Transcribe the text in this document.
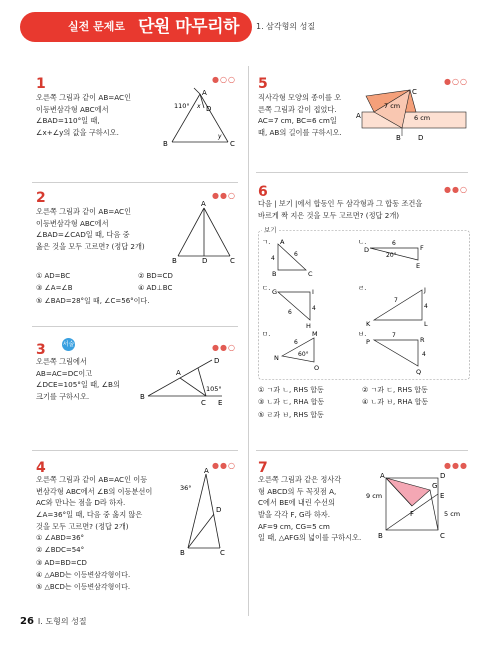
실전 문제로 단원 마무리하기
1. 삼각형의 성질
1	●○○
오른쪽 그림과 같이 AB=AC인
이등변삼각형 ABC에서
∠BAD=110°일 때,
∠x+∠y의 값을 구하시오.
110°
A
D
B	C
x
y
2	●●○
오른쪽 그림과 같이 AB=AC인
이등변삼각형 ABC에서
∠BAD=∠CAD일 때, 다음 중
옳은 것을 모두 고르면? (정답 2개)
A
B	D	C
① AD=BC	② BD=CD
③ ∠A=∠B	④ AD⊥BC
⑤ ∠BAD=28°일 때, ∠C=56°이다.
3	서술	●●○
오른쪽 그림에서
AB=AC=DC이고
∠DCE=105°일 때, ∠B의
크기를 구하시오.
A
D
B
C E
105°
4	●●○
오른쪽 그림과 같이 AB=AC인 이등
변삼각형 ABC에서 ∠B의 이등분선이
AC와 만나는 점을 D라 하자.
∠A=36°일 때, 다음 중 옳지 않은
것을 모두 고르면? (정답 2개)
A
36°
D
B	C
① ∠ABD=36°
② ∠BDC=54°
③ AD=BD=CD
④ △ABD는 이등변삼각형이다.
⑤ △BCD는 이등변삼각형이다.
5	●○○
직사각형 모양의 종이를 오
른쪽 그림과 같이 접었다.
AC=7 cm, BC=6 cm일
때, AB의 길이를 구하시오.
7 cm
6 cm
A
C
B D
6	●●○
다음 | 보기 |에서 합동인 두 삼각형과 그 합동 조건을
바르게 짝 지은 것을 모두 고르면? (정답 2개)
ㄱ. A
B	C
4
6
ㄴ.
D	F
E
6
20°
ㄷ. G
H
I
6
4
ㄹ.	J
K	L
7
4
ㅁ.	M
N
O
6
60°
ㅂ.
P	R
Q
7
4
보기
① ㄱ과 ㄴ, RHS 합동	② ㄱ과 ㄷ, RHS 합동
③ ㄴ과 ㄷ, RHA 합동	④ ㄴ과 ㅂ, RHA 합동
⑤ ㄹ과 ㅂ, RHS 합동
7	●●●
오른쪽 그림과 같은 정사각
형 ABCD의 두 꼭짓점 A,
C에서 BE에 내린 수선의
발을 각각 F, G라 하자.
AF=9 cm, CG=5 cm
일 때, △AFG의 넓이를 구하시오.
A	D
G
E
F
B	C
9 cm
5 cm
26 I. 도형의 성질
